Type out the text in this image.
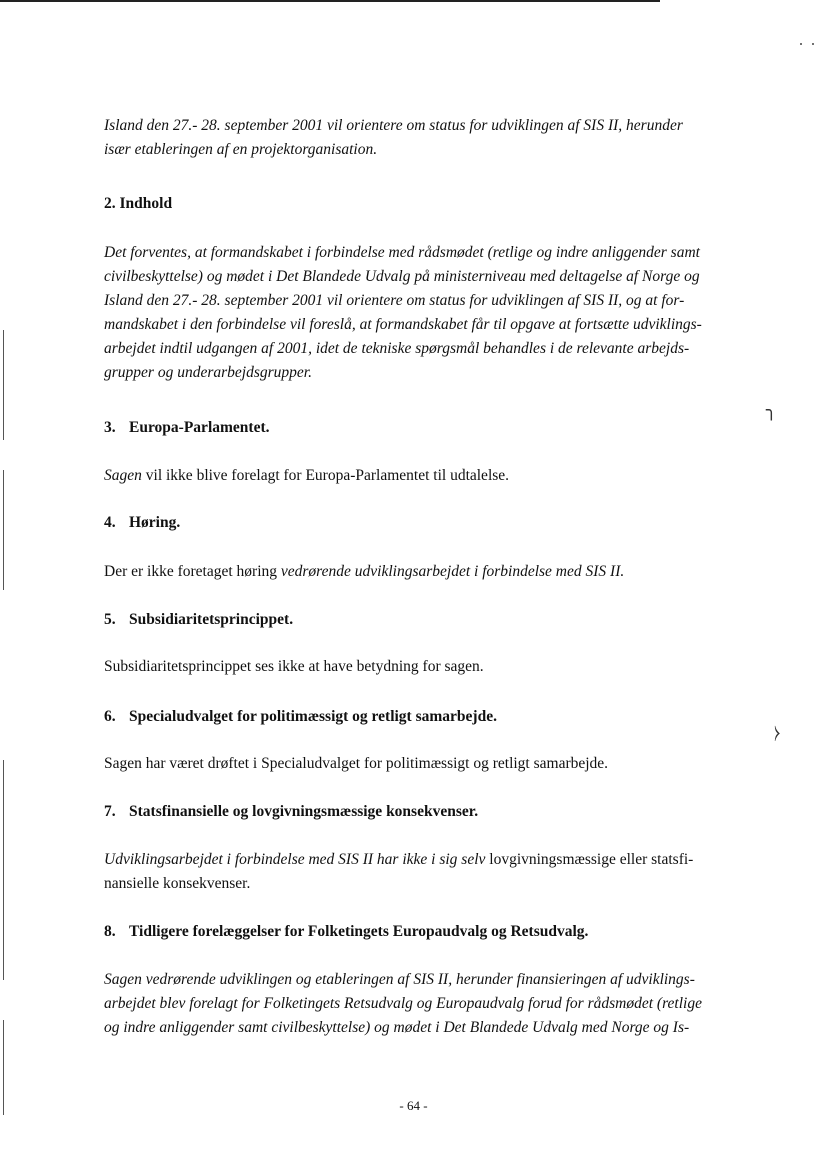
╮
⧽

Island den 27.- 28. september 2001 vil orientere om status for udviklingen af SIS II, herunder
især etableringen af en projektorganisation.

2. Indhold

Det forventes, at formandskabet i forbindelse med rådsmødet (retlige og indre anliggender samt
civilbeskyttelse) og mødet i Det Blandede Udvalg på ministerniveau med deltagelse af Norge og
Island den 27.- 28. september 2001 vil orientere om status for udviklingen af SIS II, og at for-
mandskabet i den forbindelse vil foreslå, at formandskabet får til opgave at fortsætte udviklings-
arbejdet indtil udgangen af 2001, idet de tekniske spørgsmål behandles i de relevante arbejds-
grupper og underarbejdsgrupper.

3. Europa-Parlamentet.

Sagen vil ikke blive forelagt for Europa-Parlamentet til udtalelse.

4. Høring.

Der er ikke foretaget høring vedrørende udviklingsarbejdet i forbindelse med SIS II.

5. Subsidiaritetsprincippet.

Subsidiaritetsprincippet ses ikke at have betydning for sagen.

6. Specialudvalget for politimæssigt og retligt samarbejde.

Sagen har været drøftet i Specialudvalget for politimæssigt og retligt samarbejde.

7. Statsfinansielle og lovgivningsmæssige konsekvenser.

Udviklingsarbejdet i forbindelse med SIS II har ikke i sig selv lovgivningsmæssige eller statsfi-
nansielle konsekvenser.

8. Tidligere forelæggelser for Folketingets Europaudvalg og Retsudvalg.

Sagen vedrørende udviklingen og etableringen af SIS II, herunder finansieringen af udviklings-
arbejdet blev forelagt for Folketingets Retsudvalg og Europaudvalg forud for rådsmødet (retlige
og indre anliggender samt civilbeskyttelse) og mødet i Det Blandede Udvalg med Norge og Is-

- 64 -
